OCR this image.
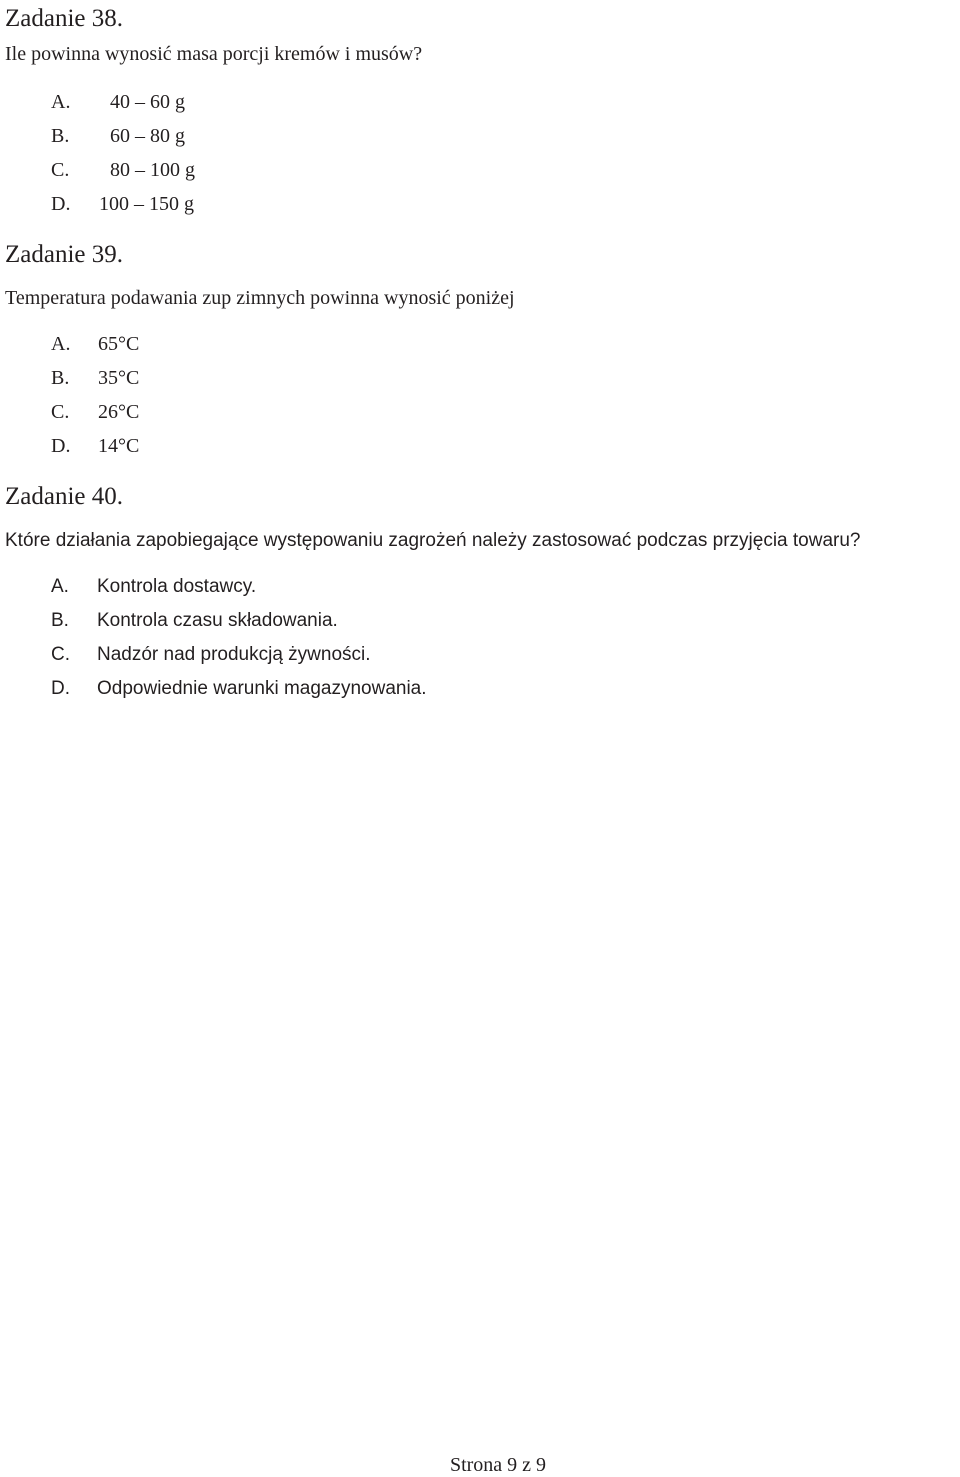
Zadanie 38.
Ile powinna wynosić masa porcji kremów i musów?
A. 40 – 60 g
B. 60 – 80 g
C. 80 – 100 g
D. 100 – 150 g
Zadanie 39.
Temperatura podawania zup zimnych powinna wynosić poniżej
A. 65°C
B. 35°C
C. 26°C
D. 14°C
Zadanie 40.
Które działania zapobiegające występowaniu zagrożeń należy zastosować podczas przyjęcia towaru?
A. Kontrola dostawcy.
B. Kontrola czasu składowania.
C. Nadzór nad produkcją żywności.
D. Odpowiednie warunki magazynowania.
Strona 9 z 9
